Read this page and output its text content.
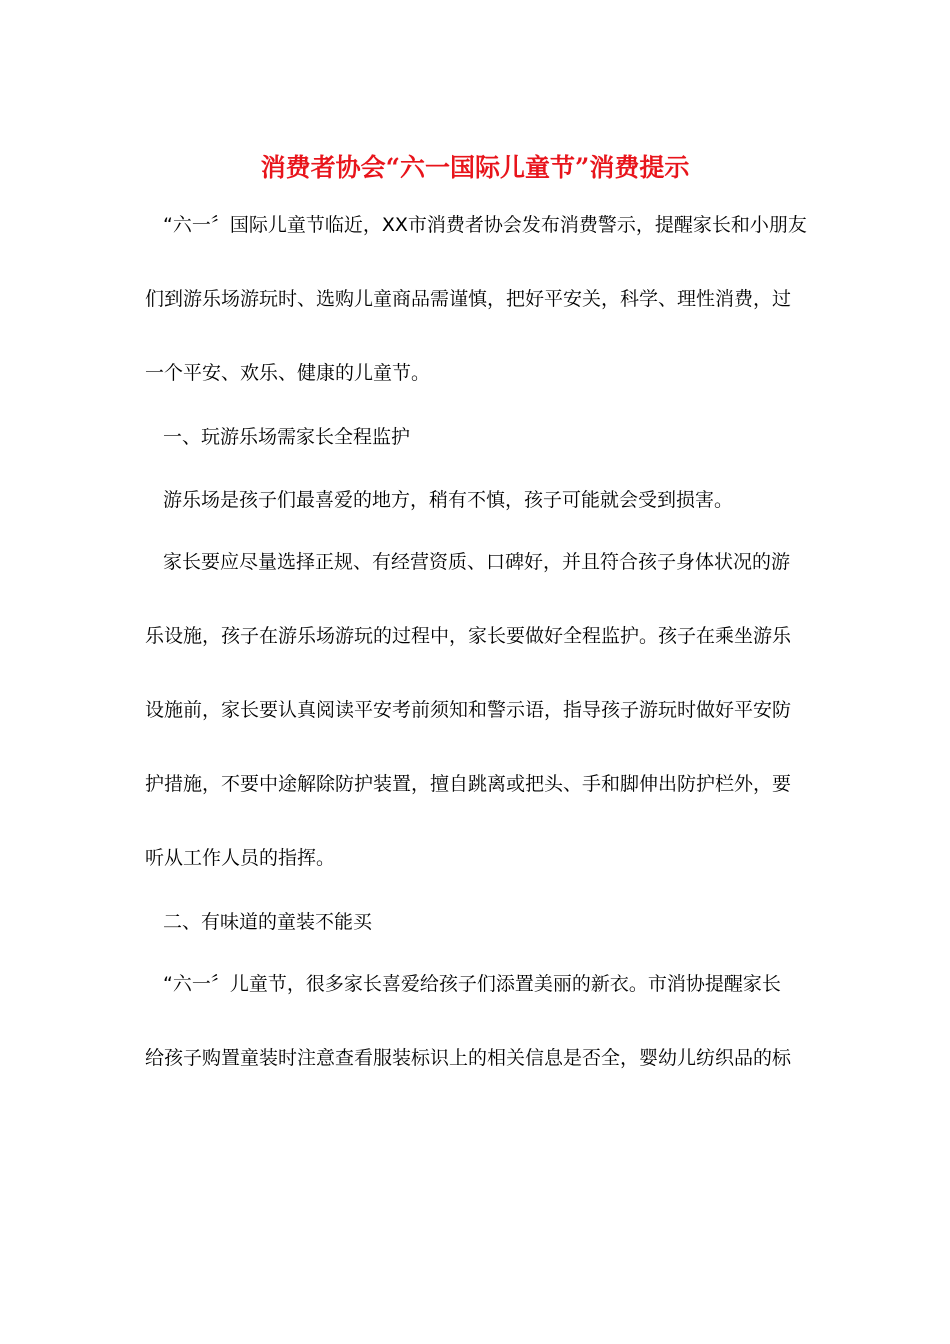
消费者协会“六一国际儿童节”消费提示

“六一〞国际儿童节临近，XX市消费者协会发布消费警示，提醒家长和小朋友

们到游乐场游玩时、选购儿童商品需谨慎，把好平安关，科学、理性消费，过

一个平安、欢乐、健康的儿童节。

一、玩游乐场需家长全程监护

游乐场是孩子们最喜爱的地方，稍有不慎，孩子可能就会受到损害。

家长要应尽量选择正规、有经营资质、口碑好，并且符合孩子身体状况的游

乐设施，孩子在游乐场游玩的过程中，家长要做好全程监护。孩子在乘坐游乐

设施前，家长要认真阅读平安考前须知和警示语，指导孩子游玩时做好平安防

护措施，不要中途解除防护装置，擅自跳离或把头、手和脚伸出防护栏外，要

听从工作人员的指挥。

二、有味道的童装不能买

“六一〞儿童节，很多家长喜爱给孩子们添置美丽的新衣。市消协提醒家长

给孩子购置童装时注意查看服装标识上的相关信息是否全，婴幼儿纺织品的标
